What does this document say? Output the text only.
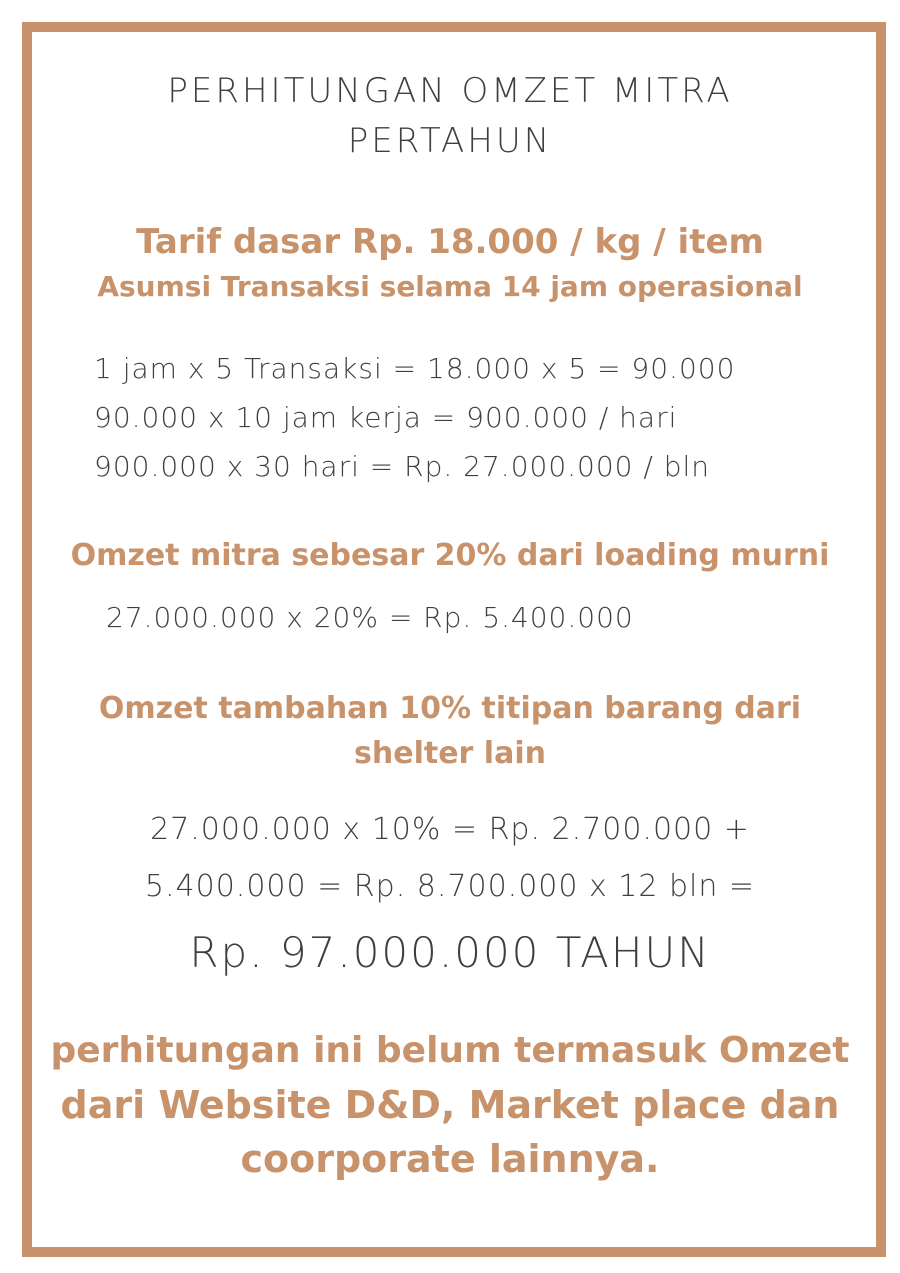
PERHITUNGAN OMZET MITRA

PERTAHUN

Tarif dasar Rp. 18.000 / kg / item

Asumsi Transaksi selama 14 jam operasional

1 jam x 5 Transaksi = 18.000 x 5 = 90.000

90.000 x 10 jam kerja = 900.000 / hari

900.000 x 30 hari = Rp. 27.000.000 / bln

Omzet mitra sebesar 20% dari loading murni

27.000.000 x 20% = Rp. 5.400.000

Omzet tambahan 10% titipan barang dari

shelter lain

27.000.000 x 10% = Rp. 2.700.000 +

5.400.000 = Rp. 8.700.000 x 12 bln =

Rp. 97.000.000 TAHUN

perhitungan ini belum termasuk Omzet

dari Website D&D, Market place dan

coorporate lainnya.
